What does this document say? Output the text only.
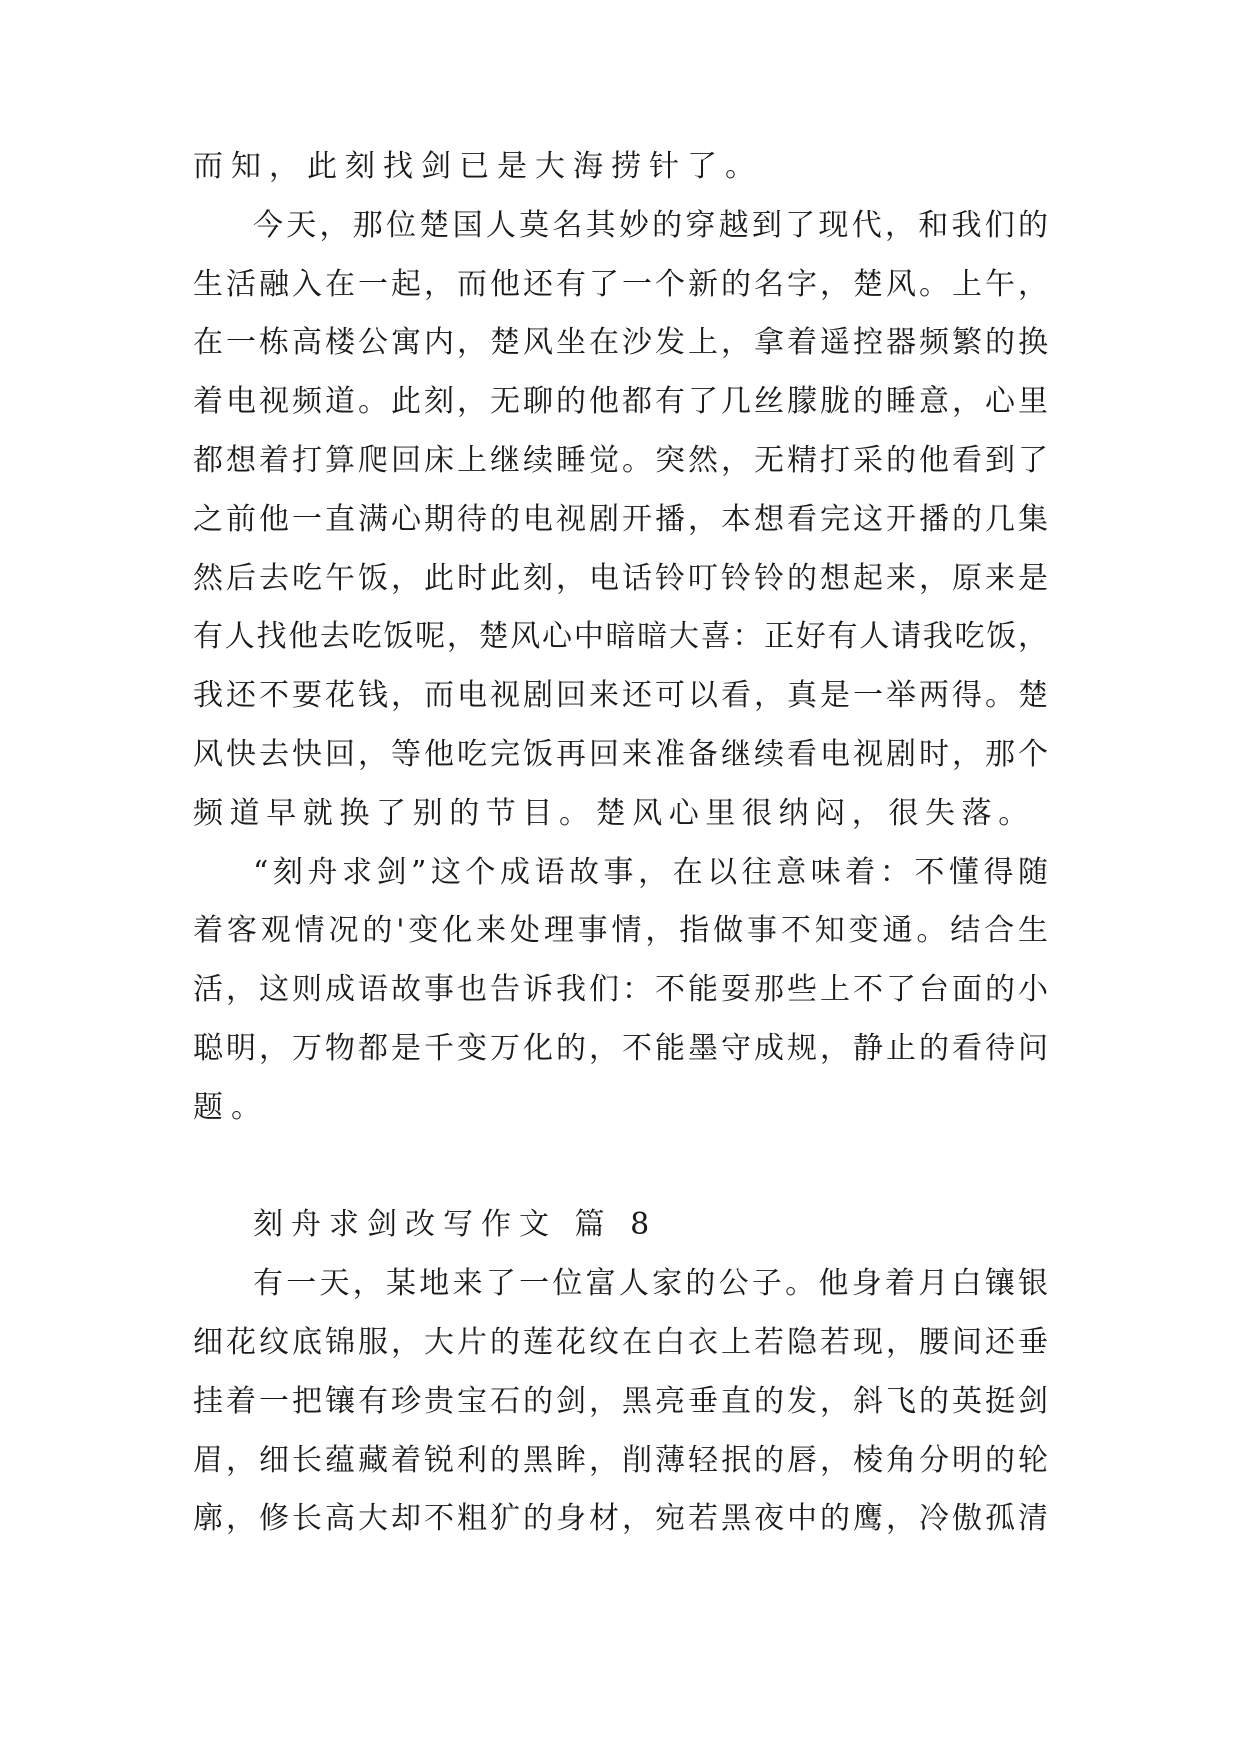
而知，此刻找剑已是大海捞针了。
今天，那位楚国人莫名其妙的穿越到了现代，和我们的
生活融入在一起，而他还有了一个新的名字，楚风。上午，
在一栋高楼公寓内，楚风坐在沙发上，拿着遥控器频繁的换
着电视频道。此刻，无聊的他都有了几丝朦胧的睡意，心里
都想着打算爬回床上继续睡觉。突然，无精打采的他看到了
之前他一直满心期待的电视剧开播，本想看完这开播的几集
然后去吃午饭，此时此刻，电话铃叮铃铃的想起来，原来是
有人找他去吃饭呢，楚风心中暗暗大喜：正好有人请我吃饭，
我还不要花钱，而电视剧回来还可以看，真是一举两得。楚
风快去快回，等他吃完饭再回来准备继续看电视剧时，那个
频道早就换了别的节目。楚风心里很纳闷，很失落。
“刻舟求剑”这个成语故事，在以往意味着：不懂得随
着客观情况的'变化来处理事情，指做事不知变通。结合生
活，这则成语故事也告诉我们：不能耍那些上不了台面的小
聪明，万物都是千变万化的，不能墨守成规，静止的看待问
题。
刻舟求剑改写作文 篇 8
有一天，某地来了一位富人家的公子。他身着月白镶银
细花纹底锦服，大片的莲花纹在白衣上若隐若现，腰间还垂
挂着一把镶有珍贵宝石的剑，黑亮垂直的发，斜飞的英挺剑
眉，细长蕴藏着锐利的黑眸，削薄轻抿的唇，棱角分明的轮
廓，修长高大却不粗犷的身材，宛若黑夜中的鹰，冷傲孤清
